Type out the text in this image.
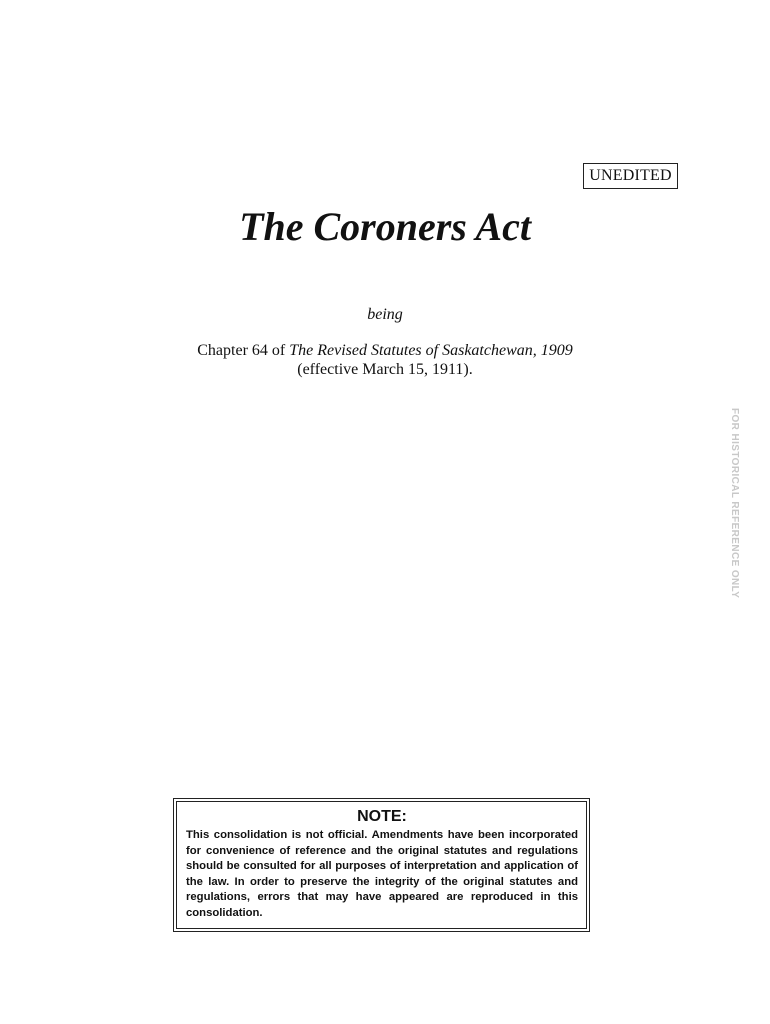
UNEDITED
The Coroners Act
being
Chapter 64 of The Revised Statutes of Saskatchewan, 1909
(effective March 15, 1911).
FOR HISTORICAL REFERENCE ONLY
NOTE:

This consolidation is not official. Amendments have been incorporated for convenience of reference and the original statutes and regulations should be consulted for all purposes of interpretation and application of the law. In order to preserve the integrity of the original statutes and regulations, errors that may have appeared are reproduced in this consolidation.
